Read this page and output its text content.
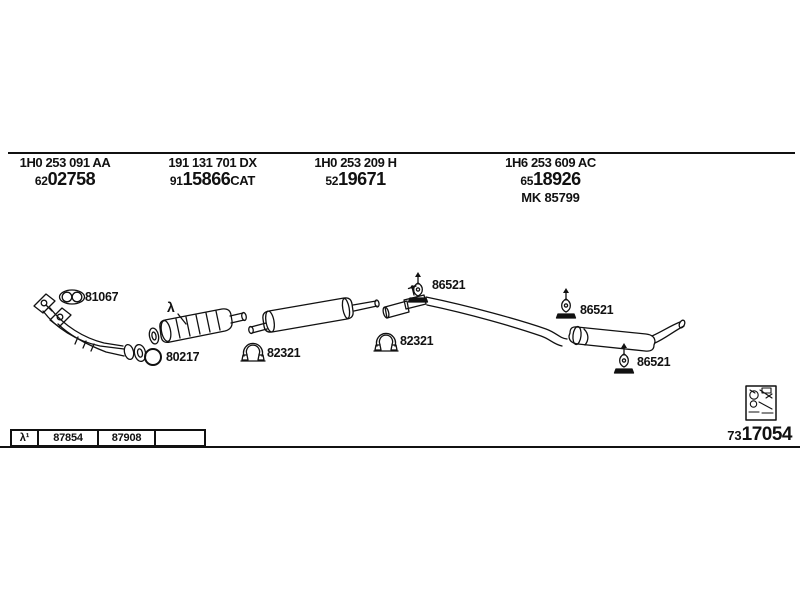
1H0 253 091 AA
62 02758
191 131 701 DX
91 15866 CAT
1H0 253 209 H
52 19671
1H6 253 609 AC
65 18926
MK 85799
81067
λ
80217	82321
86521
82321
86521
86521
λ¹	87854	87908	73 17054
